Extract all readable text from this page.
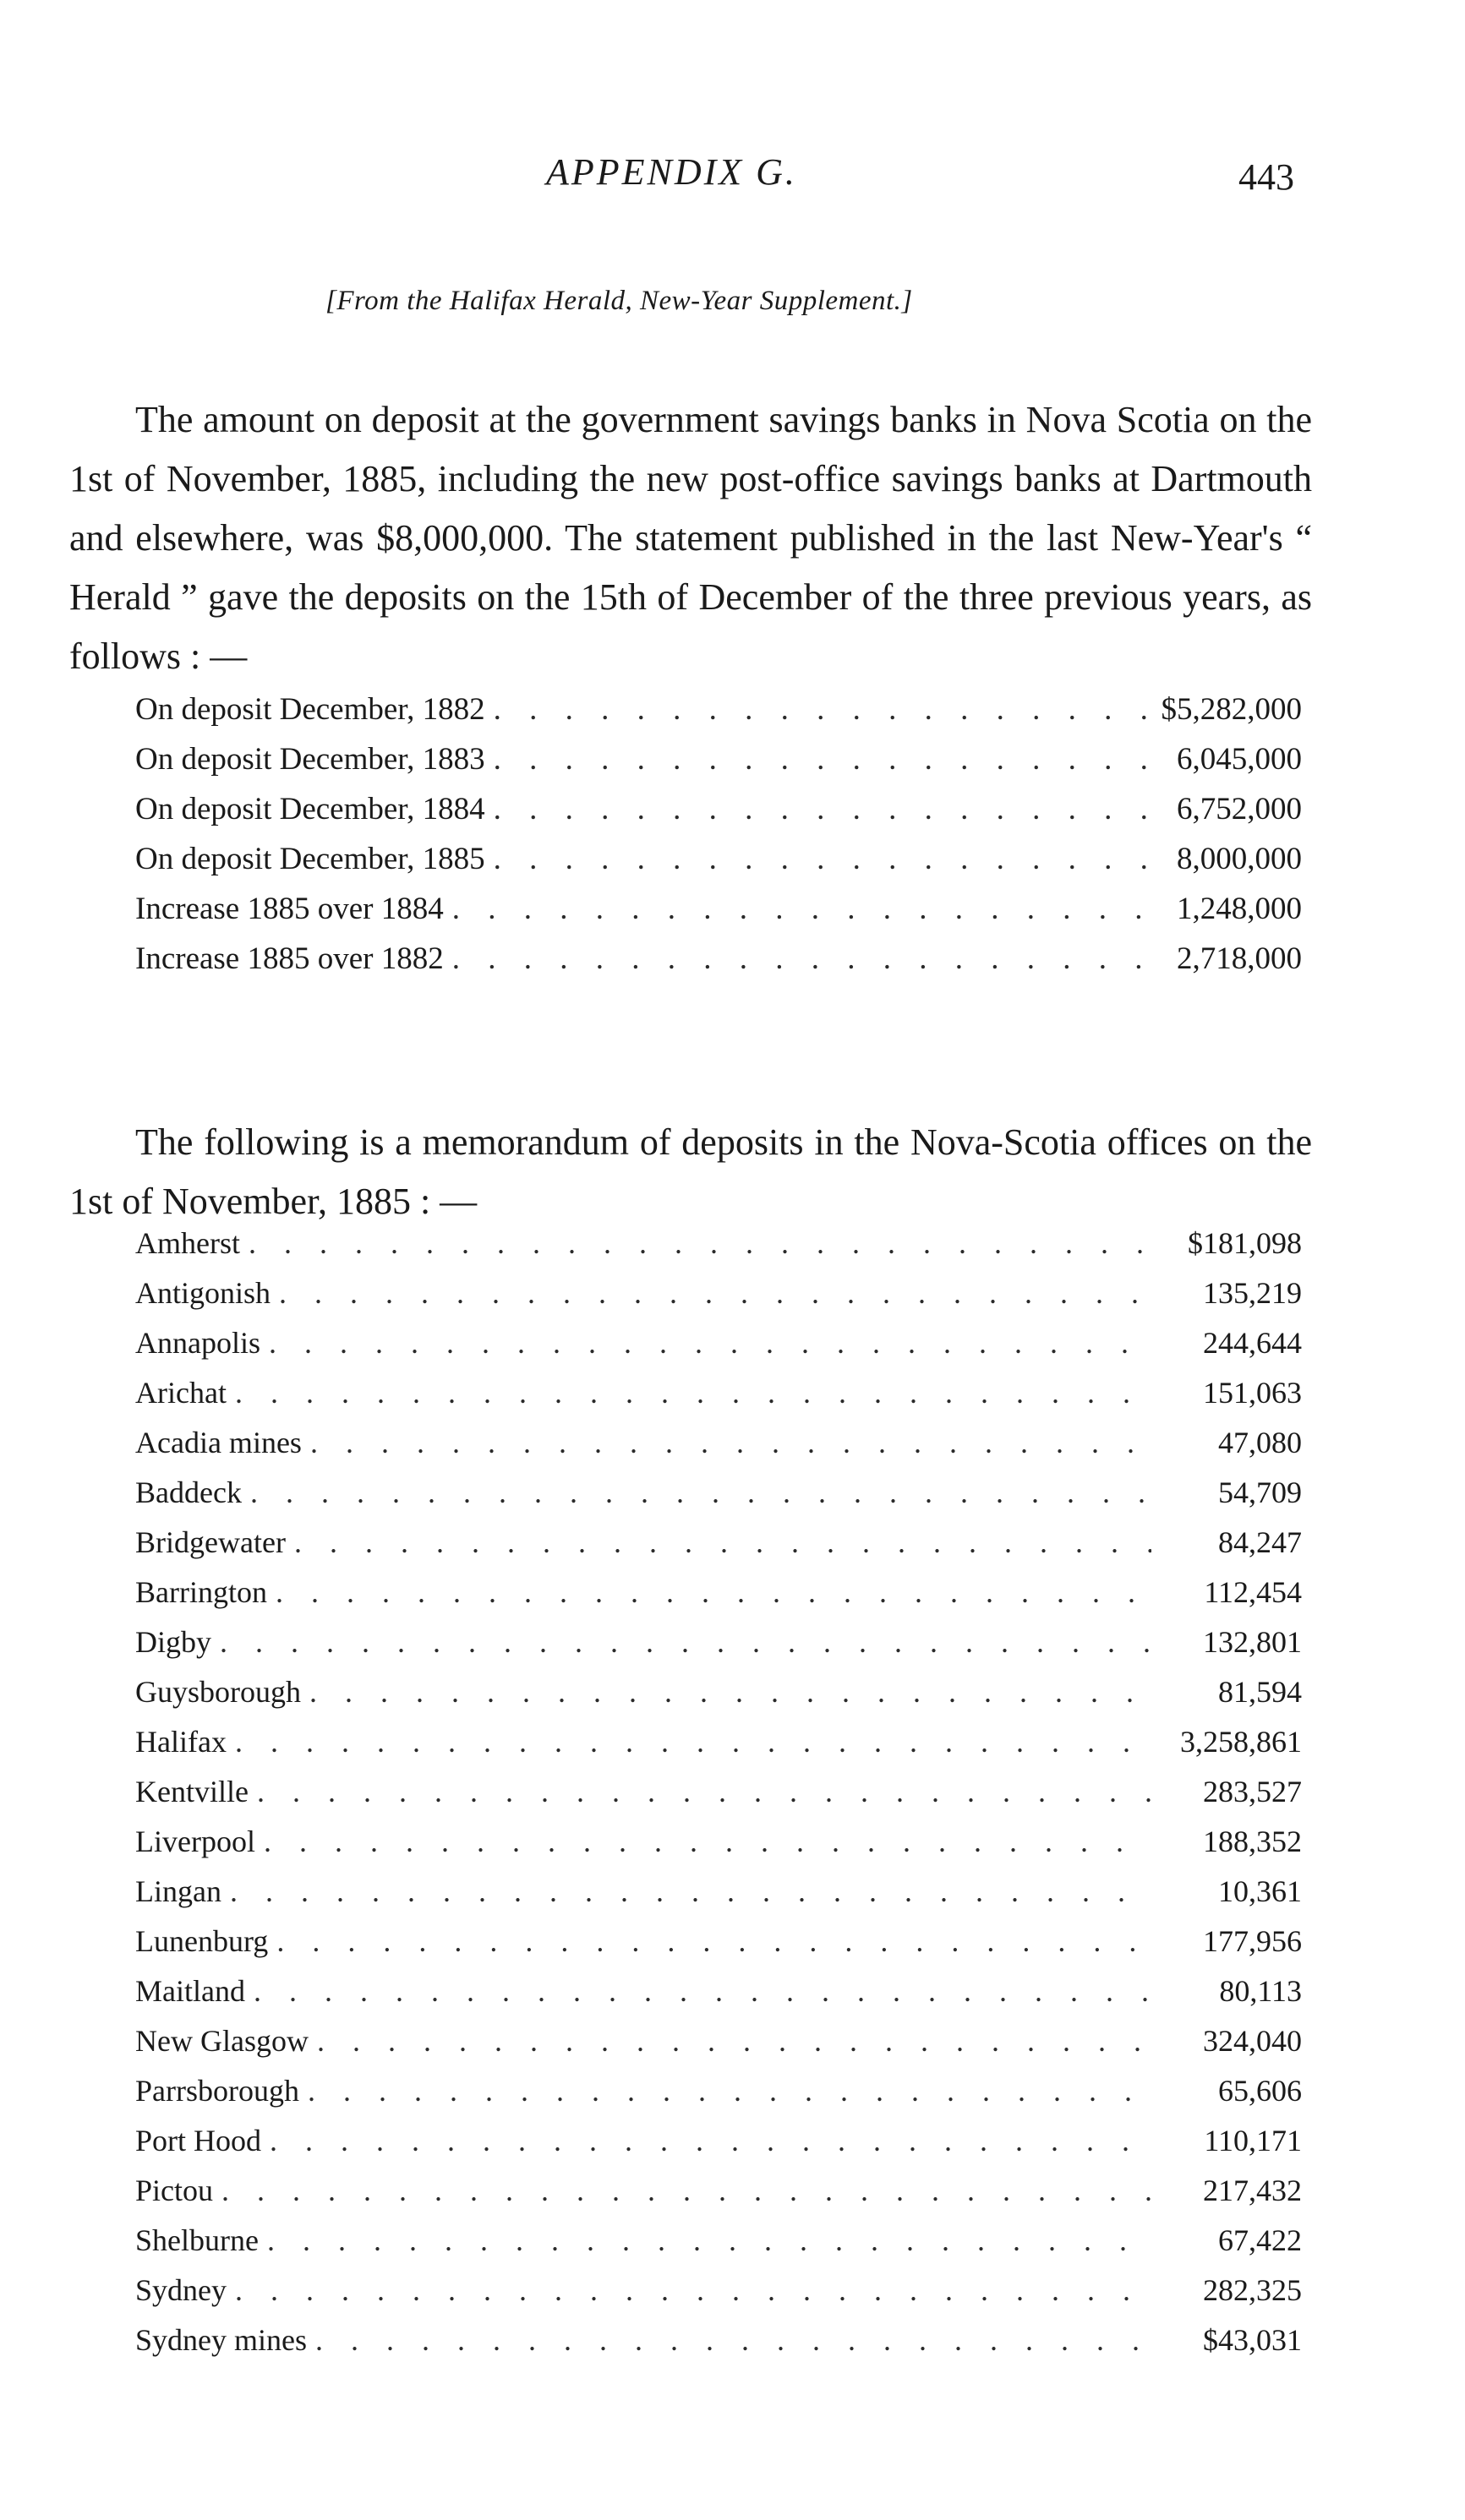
APPENDIX G.	443
[From the Halifax Herald, New-Year Supplement.]

The amount on deposit at the government savings banks in Nova Scotia on the 1st of November, 1885, including the new post-office savings banks at Dartmouth and elsewhere, was $8,000,000. The statement published in the last New-Year's “ Herald ” gave the deposits on the 15th of December of the three previous years, as follows : —

On deposit December, 1882 . . .	$5,282,000
On deposit December, 1883 . . .	6,045,000
On deposit December, 1884 . . .	6,752,000
On deposit December, 1885 . . .	8,000,000
Increase 1885 over 1884 . . .	1,248,000
Increase 1885 over 1882 . . .	2,718,000

The following is a memorandum of deposits in the Nova-Scotia offices on the 1st of November, 1885 : —

Amherst . . .	$181,098
Antigonish . . .	135,219
Annapolis . . .	244,644
Arichat . . .	151,063
Acadia mines . . .	47,080
Baddeck . . .	54,709
Bridgewater . . .	84,247
Barrington . . .	112,454
Digby . . .	132,801
Guysborough . . .	81,594
Halifax . . .	3,258,861
Kentville . . .	283,527
Liverpool . . .	188,352
Lingan . . .	10,361
Lunenburg . . .	177,956
Maitland . . .	80,113
New Glasgow . . .	324,040
Parrsborough . . .	65,606
Port Hood . . .	110,171
Pictou . . .	217,432
Shelburne . . .	67,422
Sydney . . .	282,325
Sydney mines . . .	$43,031
